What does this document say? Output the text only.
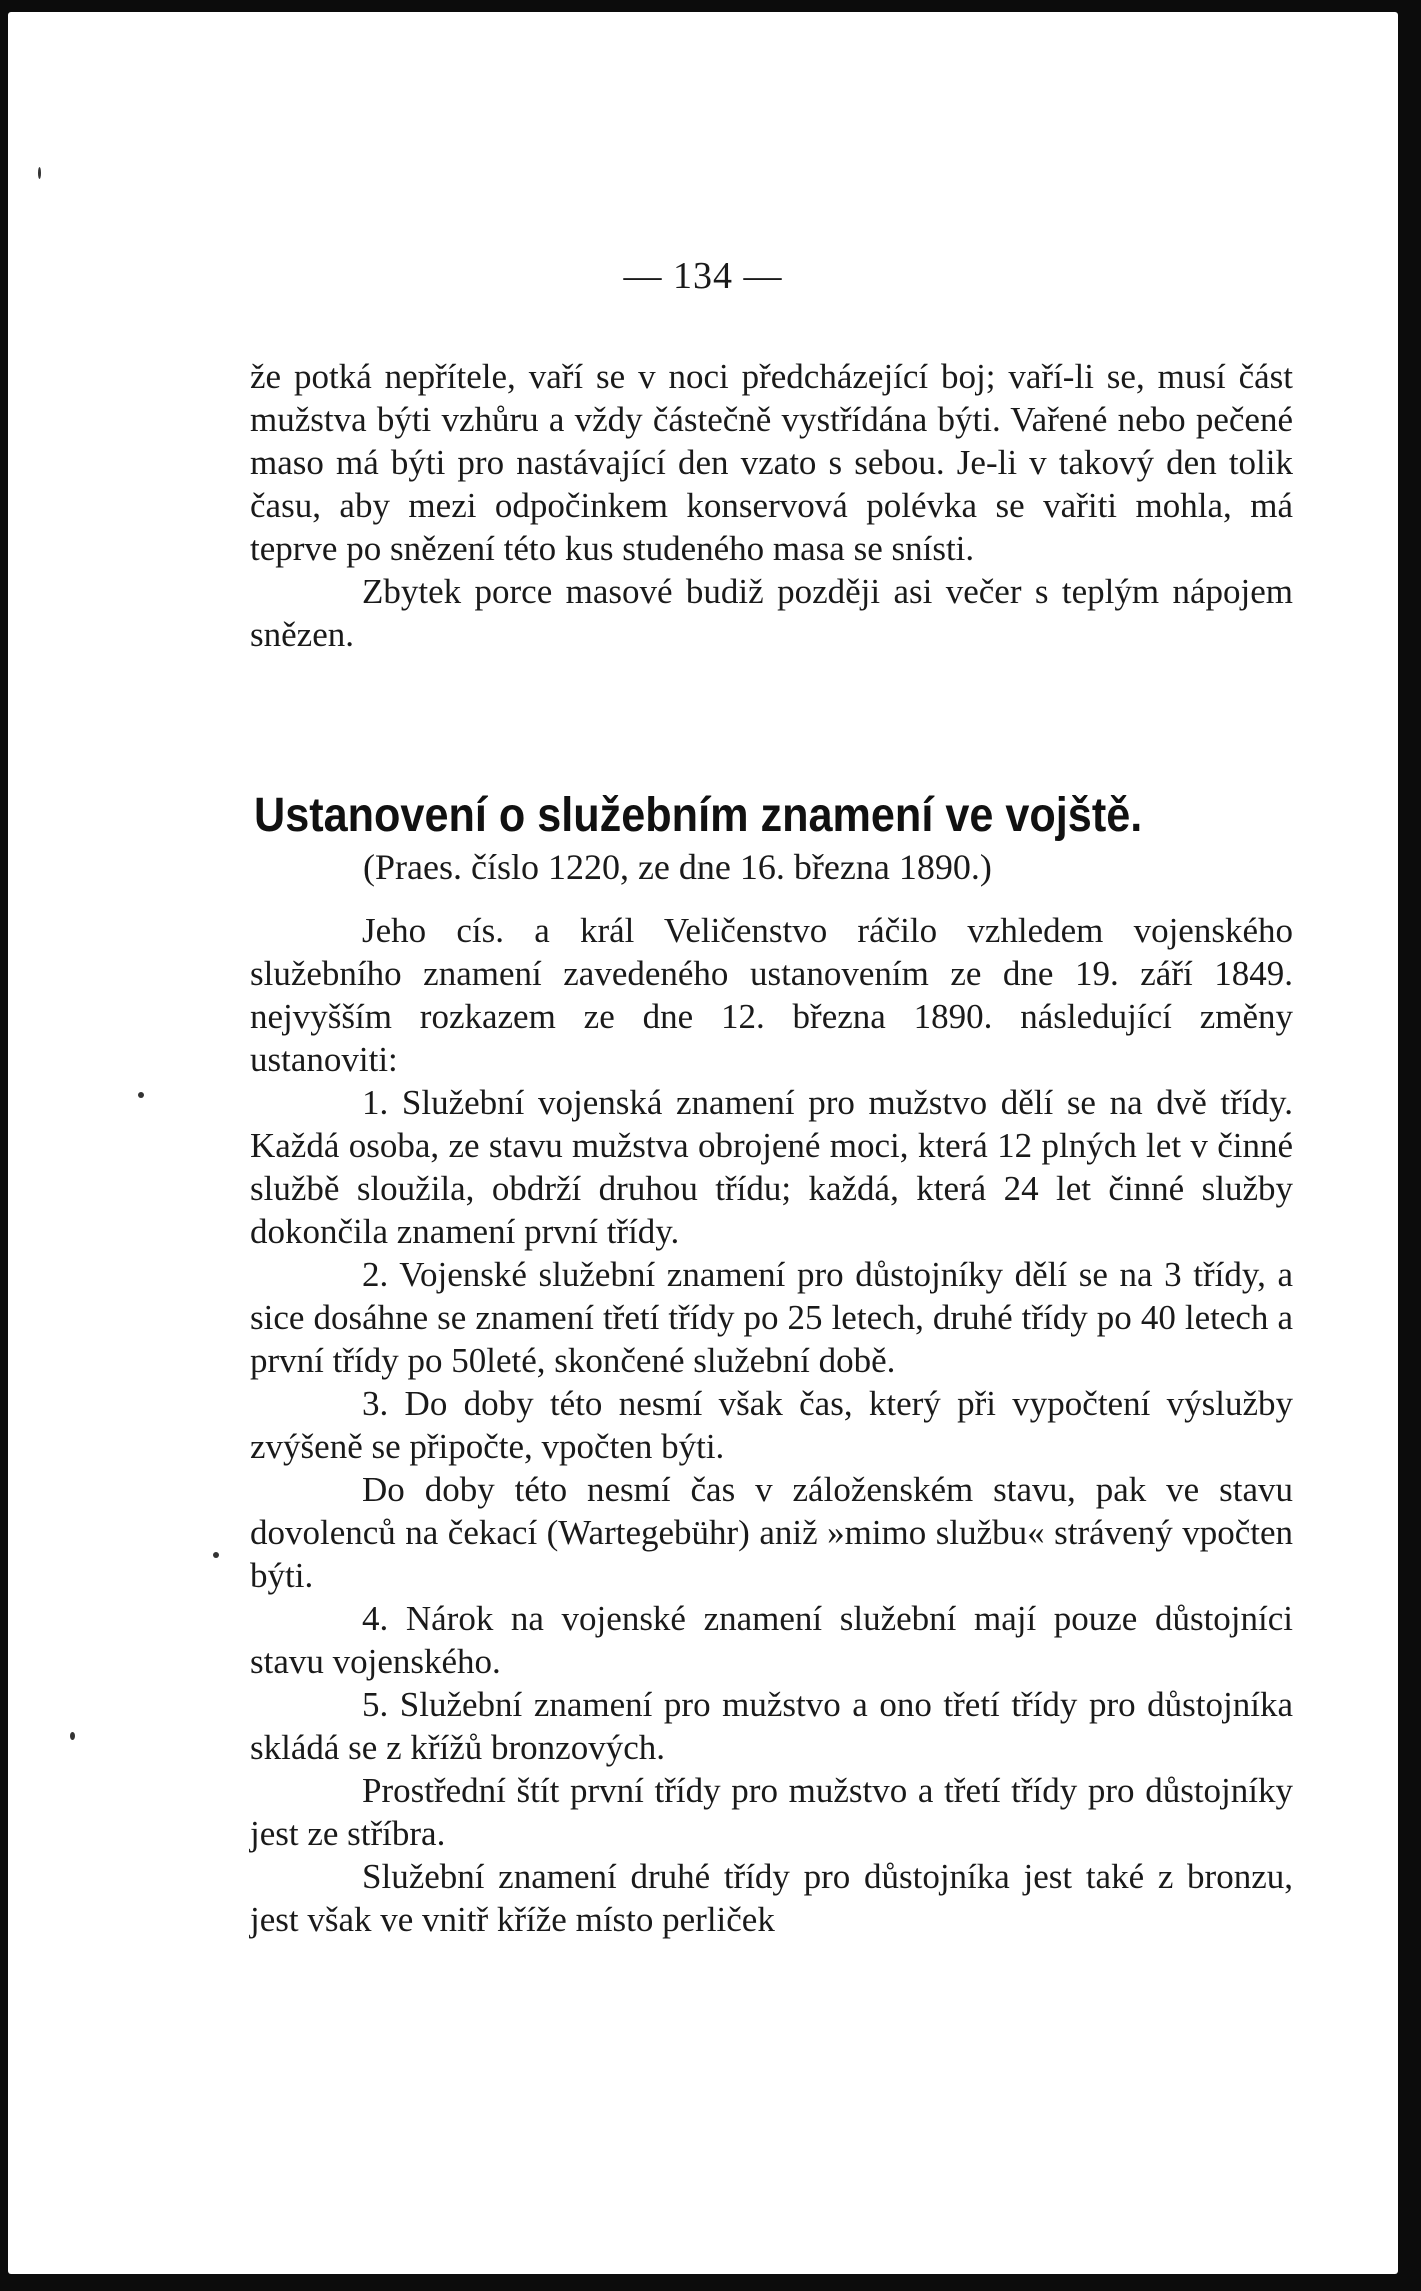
— 134 —

že potká nepřítele, vaří se v noci předcházející boj; vaří-li se, musí část mužstva býti vzhůru a vždy částečně vystřídána býti. Vařené nebo pečené maso má býti pro nastávající den vzato s sebou. Je-li v takový den tolik času, aby mezi odpočinkem konservová polévka se vařiti mohla, má teprve po snězení této kus studeného masa se snísti.

Zbytek porce masové budiž později asi večer s teplým nápojem snězen.

Ustanovení o služebním znamení ve vojště.
(Praes. číslo 1220, ze dne 16. března 1890.)

Jeho cís. a král Veličenstvo ráčilo vzhledem vojenského služebního znamení zavedeného ustanovením ze dne 19. září 1849. nejvyšším rozkazem ze dne 12. března 1890. následující změny ustanoviti:

1. Služební vojenská znamení pro mužstvo dělí se na dvě třídy. Každá osoba, ze stavu mužstva obrojené moci, která 12 plných let v činné službě sloužila, obdrží druhou třídu; každá, která 24 let činné služby dokončila znamení první třídy.

2. Vojenské služební znamení pro důstojníky dělí se na 3 třídy, a sice dosáhne se znamení třetí třídy po 25 letech, druhé třídy po 40 letech a první třídy po 50leté, skončené služební době.

3. Do doby této nesmí však čas, který při vypočtení výslužby zvýšeně se připočte, vpočten býti.

Do doby této nesmí čas v záloženském stavu, pak ve stavu dovolenců na čekací (Wartegebühr) aniž »mimo službu« strávený vpočten býti.

4. Nárok na vojenské znamení služební mají pouze důstojníci stavu vojenského.

5. Služební znamení pro mužstvo a ono třetí třídy pro důstojníka skládá se z křížů bronzových.

Prostřední štít první třídy pro mužstvo a třetí třídy pro důstojníky jest ze stříbra.

Služební znamení druhé třídy pro důstojníka jest také z bronzu, jest však ve vnitř kříže místo perliček
